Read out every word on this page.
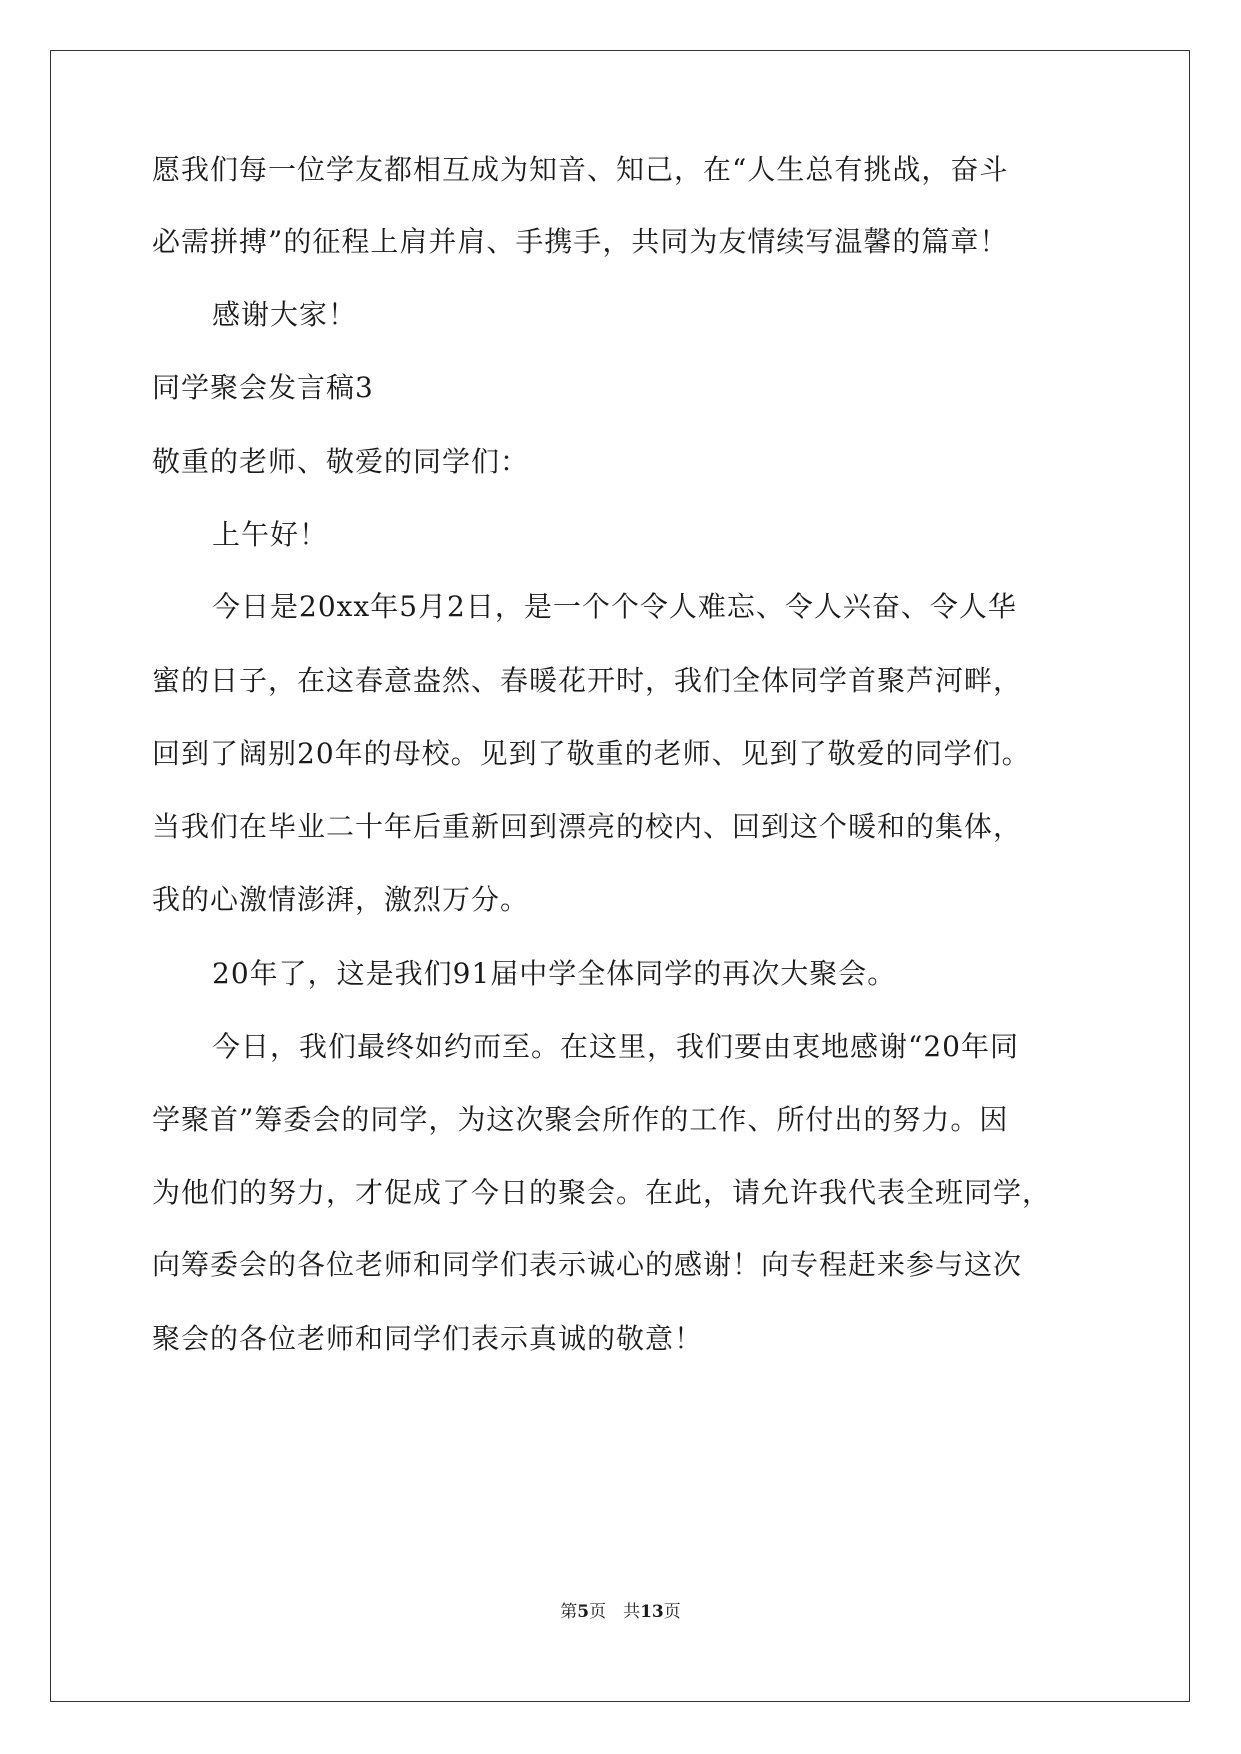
愿我们每一位学友都相互成为知音、知己，在“人生总有挑战，奋斗
必需拼搏”的征程上肩并肩、手携手，共同为友情续写温馨的篇章！
感谢大家！
同学聚会发言稿3
敬重的老师、敬爱的同学们：
上午好！
今日是20xx年5月2日，是一个个令人难忘、令人兴奋、令人华
蜜的日子，在这春意盎然、春暖花开时，我们全体同学首聚芦河畔，
回到了阔别20年的母校。见到了敬重的老师、见到了敬爱的同学们。
当我们在毕业二十年后重新回到漂亮的校内、回到这个暖和的集体，
我的心激情澎湃，激烈万分。
20年了，这是我们91届中学全体同学的再次大聚会。
今日，我们最终如约而至。在这里，我们要由衷地感谢“20年同
学聚首”筹委会的同学，为这次聚会所作的工作、所付出的努力。因
为他们的努力，才促成了今日的聚会。在此，请允许我代表全班同学，
向筹委会的各位老师和同学们表示诚心的感谢！向专程赶来参与这次
聚会的各位老师和同学们表示真诚的敬意！
第5页　共13页
